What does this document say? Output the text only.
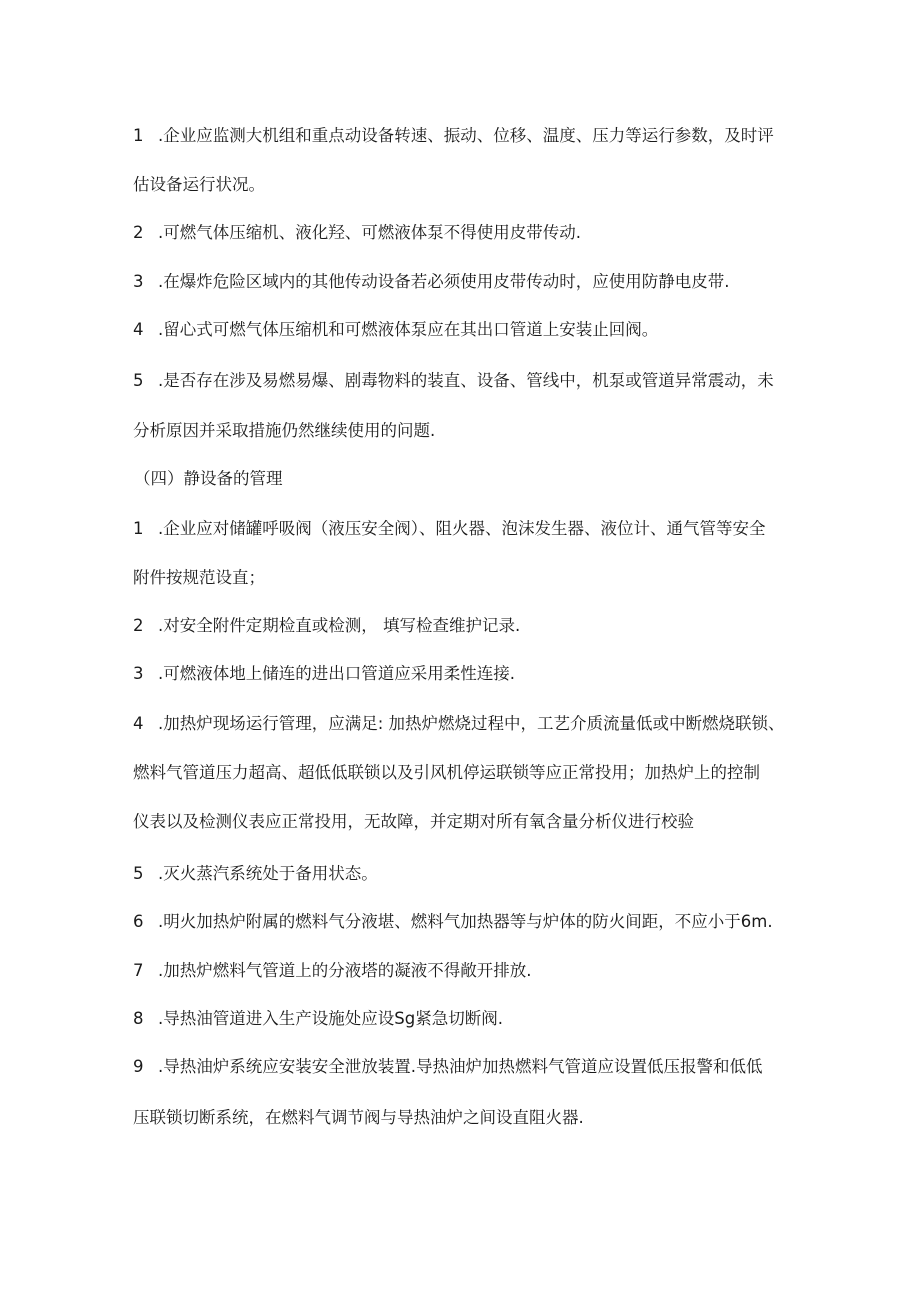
1 .企业应监测大机组和重点动设备转速、振动、位移、温度、压力等运行参数，及时评
估设备运行状况。
2 .可燃气体压缩机、液化羟、可燃液体泵不得使用皮带传动.
3 .在爆炸危险区域内的其他传动设备若必须使用皮带传动时，应使用防静电皮带.
4 .留心式可燃气体压缩机和可燃液体泵应在其出口管道上安装止回阀。
5 .是否存在涉及易燃易爆、剧毒物料的装直、设备、管线中，机泵或管道异常震动，未
分析原因并采取措施仍然继续使用的问题.
（四）静设备的管理
1 .企业应对储罐呼吸阀（液压安全阀）、阻火器、泡沫发生器、液位计、通气管等安全
附件按规范设直；
2 .对安全附件定期检直或检测， 填写检查维护记录.
3 .可燃液体地上储连的进出口管道应采用柔性连接.
4 .加热炉现场运行管理，应满足: 加热炉燃烧过程中，工艺介质流量低或中断燃烧联锁、
燃料气管道压力超高、超低低联锁以及引风机停运联锁等应正常投用；加热炉上的控制
仪表以及检测仪表应正常投用，无故障，并定期对所有氧含量分析仪进行校验
5 .灭火蒸汽系统处于备用状态。
6 .明火加热炉附属的燃料气分液堪、燃料气加热器等与炉体的防火间距，不应小于6m.
7 .加热炉燃料气管道上的分液塔的凝液不得敞开排放.
8 .导热油管道进入生产设施处应设Sg紧急切断阀.
9 .导热油炉系统应安装安全泄放装置.导热油炉加热燃料气管道应设置低压报警和低低
压联锁切断系统，在燃料气调节阀与导热油炉之间设直阻火器.
